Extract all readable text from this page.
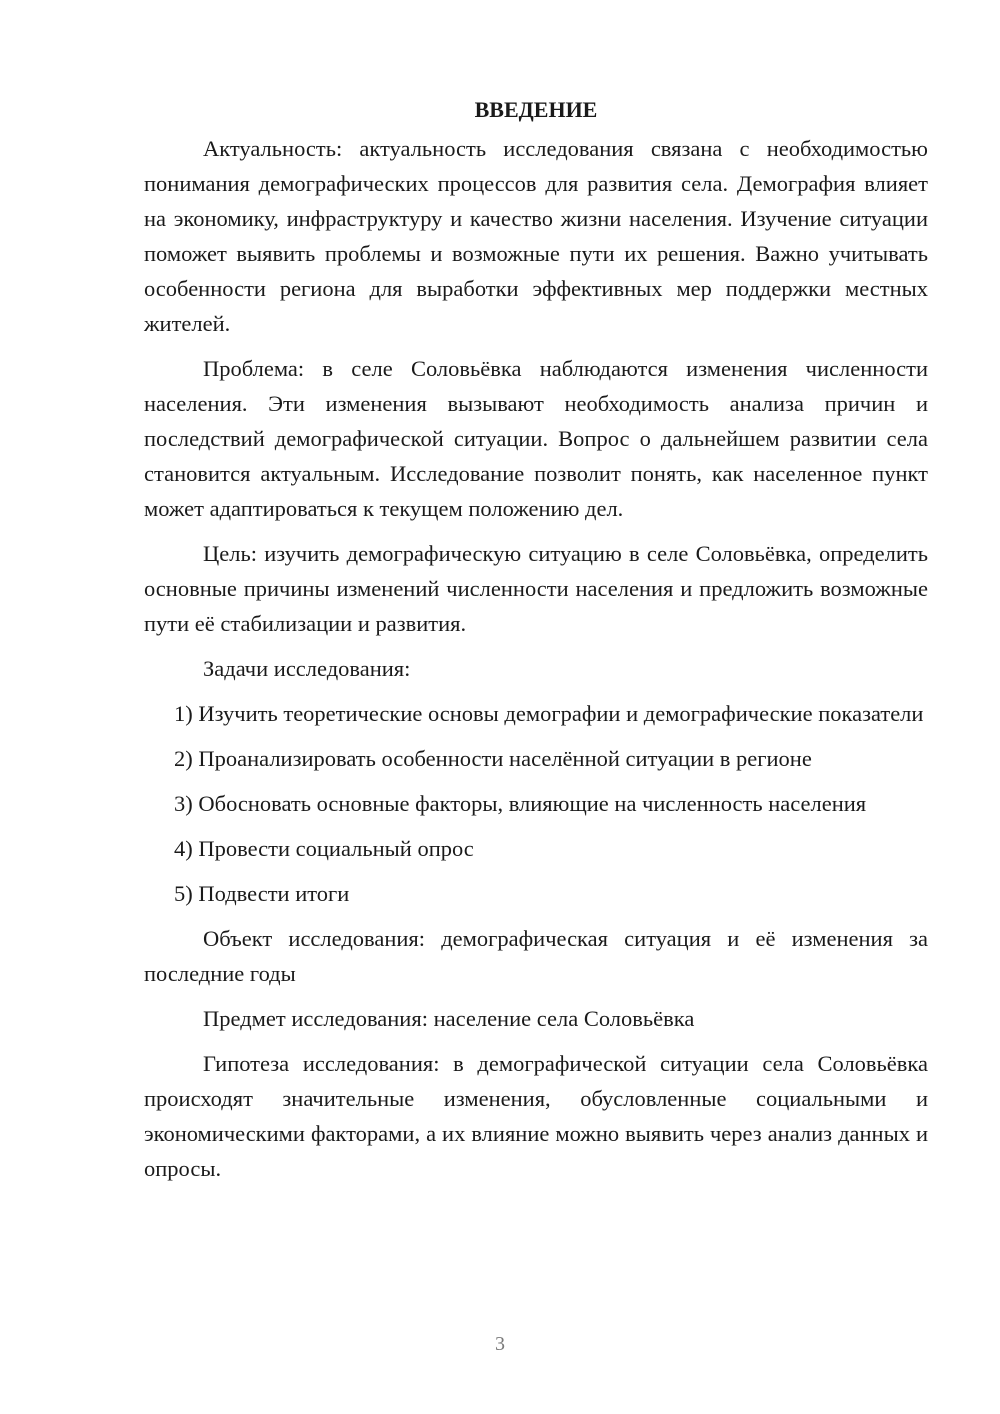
ВВЕДЕНИЕ

Актуальность: актуальность исследования связана с необходимостью понимания демографических процессов для развития села. Демография влияет на экономику, инфраструктуру и качество жизни населения. Изучение ситуации поможет выявить проблемы и возможные пути их решения. Важно учитывать особенности региона для выработки эффективных мер поддержки местных жителей.

Проблема: в селе Соловьёвка наблюдаются изменения численности населения. Эти изменения вызывают необходимость анализа причин и последствий демографической ситуации. Вопрос о дальнейшем развитии села становится актуальным. Исследование позволит понять, как населенное пункт может адаптироваться к текущем положению дел.

Цель: изучить демографическую ситуацию в селе Соловьёвка, определить основные причины изменений численности населения и предложить возможные пути её стабилизации и развития.

Задачи исследования:

1) Изучить теоретические основы демографии и демографические показатели

2) Проанализировать особенности населённой ситуации в регионе

3) Обосновать основные факторы, влияющие на численность населения

4) Провести социальный опрос

5) Подвести итоги

Объект исследования: демографическая ситуация и её изменения за последние годы

Предмет исследования: население села Соловьёвка

Гипотеза исследования: в демографической ситуации села Соловьёвка происходят значительные изменения, обусловленные социальными и экономическими факторами, а их влияние можно выявить через анализ данных и опросы.

3
